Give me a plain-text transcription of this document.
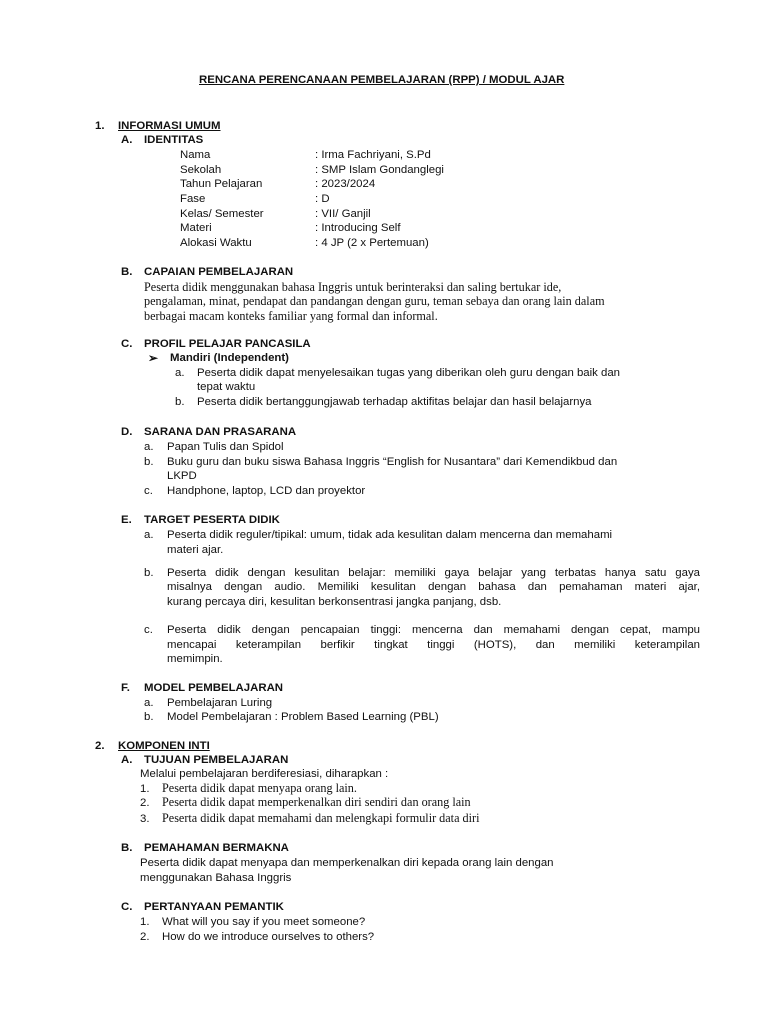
RENCANA PERENCANAAN PEMBELAJARAN (RPP) / MODUL AJAR
1. INFORMASI UMUM
A. IDENTITAS
Nama	: Irma Fachriyani, S.Pd
Sekolah	: SMP Islam Gondanglegi
Tahun Pelajaran	: 2023/2024
Fase	: D
Kelas/ Semester	: VII/ Ganjil
Materi	: Introducing Self
Alokasi Waktu	: 4 JP (2 x Pertemuan)
B. CAPAIAN PEMBELAJARAN
Peserta didik menggunakan bahasa Inggris untuk berinteraksi dan saling bertukar ide,
pengalaman, minat, pendapat dan pandangan dengan guru, teman sebaya dan orang lain dalam
berbagai macam konteks familiar yang formal dan informal.
C. PROFIL PELAJAR PANCASILA
➢ Mandiri (Independent)
a. Peserta didik dapat menyelesaikan tugas yang diberikan oleh guru dengan baik dan
tepat waktu
b. Peserta didik bertanggungjawab terhadap aktifitas belajar dan hasil belajarnya
D. SARANA DAN PRASARANA
a. Papan Tulis dan Spidol
b. Buku guru dan buku siswa Bahasa Inggris “English for Nusantara” dari Kemendikbud dan
LKPD
c. Handphone, laptop, LCD dan proyektor
E. TARGET PESERTA DIDIK
a. Peserta didik reguler/tipikal: umum, tidak ada kesulitan dalam mencerna dan memahami
materi ajar.
b. Peserta didik dengan kesulitan belajar: memiliki gaya belajar yang terbatas hanya satu gaya
misalnya dengan audio. Memiliki kesulitan dengan bahasa dan pemahaman materi ajar,
kurang percaya diri, kesulitan berkonsentrasi jangka panjang, dsb.
c. Peserta didik dengan pencapaian tinggi: mencerna dan memahami dengan cepat, mampu
mencapai keterampilan berfikir tingkat tinggi (HOTS), dan memiliki keterampilan
memimpin.
F. MODEL PEMBELAJARAN
a. Pembelajaran Luring
b. Model Pembelajaran : Problem Based Learning (PBL)
2. KOMPONEN INTI
A. TUJUAN PEMBELAJARAN
Melalui pembelajaran berdiferesiasi, diharapkan :
1. Peserta didik dapat menyapa orang lain.
2. Peserta didik dapat memperkenalkan diri sendiri dan orang lain
3. Peserta didik dapat memahami dan melengkapi formulir data diri
B. PEMAHAMAN BERMAKNA
Peserta didik dapat menyapa dan memperkenalkan diri kepada orang lain dengan
menggunakan Bahasa Inggris
C. PERTANYAAN PEMANTIK
1. What will you say if you meet someone?
2. How do we introduce ourselves to others?
